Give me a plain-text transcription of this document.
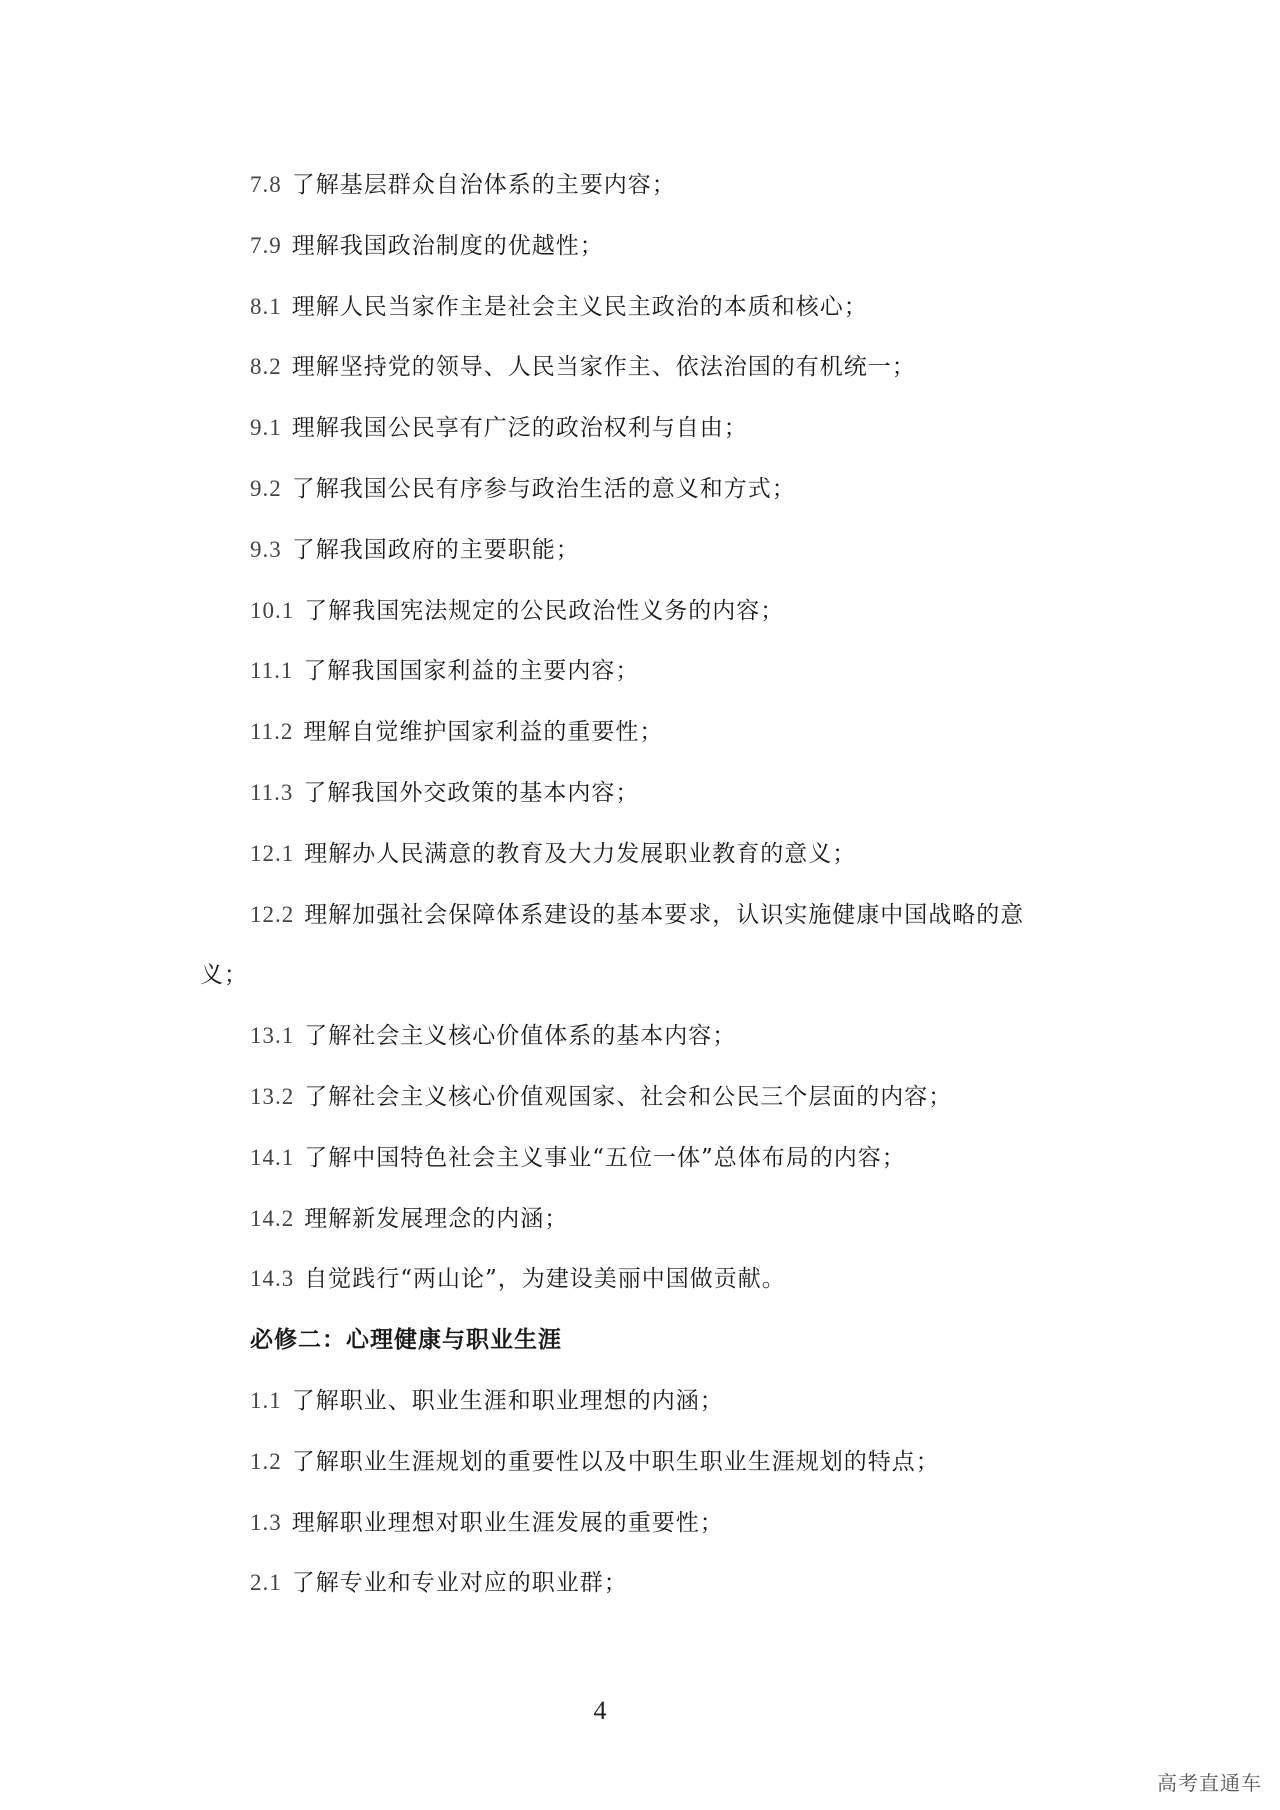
7.8 了解基层群众自治体系的主要内容；
7.9 理解我国政治制度的优越性；
8.1 理解人民当家作主是社会主义民主政治的本质和核心；
8.2 理解坚持党的领导、人民当家作主、依法治国的有机统一；
9.1 理解我国公民享有广泛的政治权利与自由；
9.2 了解我国公民有序参与政治生活的意义和方式；
9.3 了解我国政府的主要职能；
10.1 了解我国宪法规定的公民政治性义务的内容；
11.1 了解我国国家利益的主要内容；
11.2 理解自觉维护国家利益的重要性；
11.3 了解我国外交政策的基本内容；
12.1 理解办人民满意的教育及大力发展职业教育的意义；
12.2 理解加强社会保障体系建设的基本要求，认识实施健康中国战略的意
义；
13.1 了解社会主义核心价值体系的基本内容；
13.2 了解社会主义核心价值观国家、社会和公民三个层面的内容；
14.1 了解中国特色社会主义事业“五位一体”总体布局的内容；
14.2 理解新发展理念的内涵；
14.3 自觉践行“两山论”，为建设美丽中国做贡献。
必修二：心理健康与职业生涯
1.1 了解职业、职业生涯和职业理想的内涵；
1.2 了解职业生涯规划的重要性以及中职生职业生涯规划的特点；
1.3 理解职业理想对职业生涯发展的重要性；
2.1 了解专业和专业对应的职业群；
4
高考直通车
